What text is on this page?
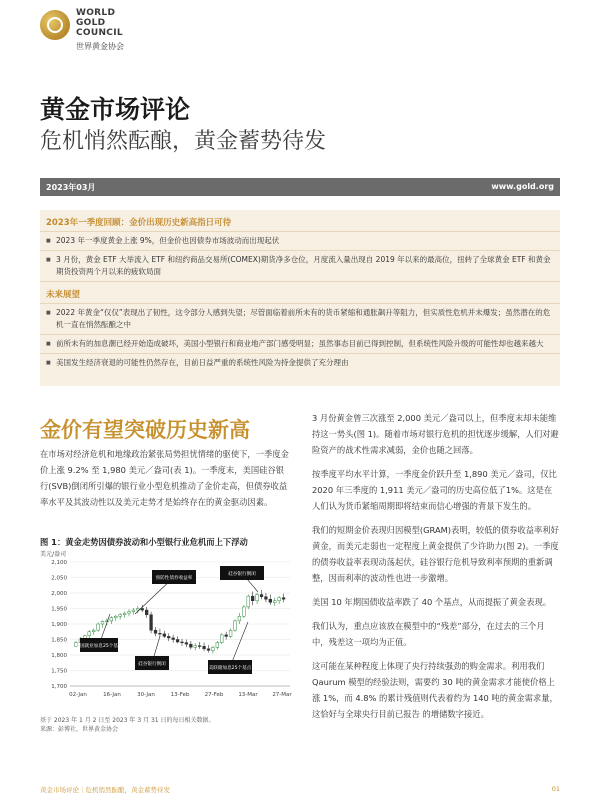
WORLD
GOLD
COUNCIL
世界黄金协会
黄金市场评论
危机悄然酝酿，黄金蓄势待发
2023年03月	www.gold.org
2023年一季度回顾：金价出现历史新高指日可待
■ 2023 年一季度黄金上涨 9%，但金价也因债券市场波动而出现起伏
■ 3 月份，黄金 ETF 大举流入 ETF 和纽约商品交易所(COMEX)期货净多仓位，月度流入量出现自 2019 年以来的最高位，扭转了全球黄金 ETF 和黄金期货投资两个月以来的疲软局面
未来展望
■ 2022 年黄金“仅仅”表现出了韧性，这令部分人感到失望；尽管面临着前所未有的货币紧缩和通胀飙升等阻力，但实质性危机并未爆发；虽然潜在的危机一直在悄然酝酿之中
■ 前所未有的加息潮已经开始造成破坏，美国小型银行和商业地产部门感受明显；虽然事态目前已得到控制，但系统性风险升级的可能性却也越来越大
■ 美国发生经济衰退的可能性仍然存在，目前日益严重的系统性风险为持金提供了充分理由
金价有望突破历史新高
在市场对经济危机和地缘政治紧张局势担忧情绪的驱使下，一季度金价上涨 9.2% 至 1,980 美元／盎司(表 1)。一季度末，美国硅谷银行(SVB)倒闭所引爆的银行业小型危机推动了金价走高，但债券收益率水平及其波动性以及美元走势才是始终存在的黄金驱动因素。
图 1：黄金走势因债券波动和小型银行业危机而上下浮动
美元/盎司
1,700
1,750
1,800
1,850
1,900
1,950
2,000
2,050
2,100
02-Jan	16-Jan	30-Jan	13-Feb	27-Feb	13-Mar	27-Mar
预防性债券收益率
硅谷银行倒闭
美国就业加息25个基点
硅谷银行倒闭
美联储加息25个基点
基于 2023 年 1 月 2 日至 2023 年 3 月 31 日的每日相关数据。
来源：彭博社，世界黄金协会

3 月份黄金曾三次涨至 2,000 美元／盎司以上，但季度末却未能维持这一势头(图 1)。随着市场对银行危机的担忧逐步缓解，人们对避险资产的战术性需求减弱，金价也随之回落。

按季度平均水平计算，一季度金价跃升至 1,890 美元／盎司，仅比 2020 年三季度的 1,911 美元／盎司的历史高位低了1%。这是在人们认为货币紧缩周期即将结束而信心增强的背景下发生的。

我们的短期金价表现归因模型(GRAM)表明，较低的债券收益率利好黄金，而美元走弱也一定程度上黄金提供了少许助力(图 2)。一季度的债券收益率表现动荡起伏，硅谷银行危机导致利率预期的重新调整，因而利率的波动性也进一步激增。

美国 10 年期国债收益率跌了 40 个基点，从而提振了黄金表现。

我们认为，重点应该放在模型中的“残差”部分，在过去的三个月中，残差这一项均为正值。

这可能在某种程度上体现了央行持续强劲的购金需求。利用我们 Qaurum 模型的经验法则，需要约 30 吨的黄金需求才能使价格上涨 1%，而 4.8% 的累计残值则代表着约为 140 吨的黄金需求量，这恰好与全球央行目前已报告 的增储数字接近。

黄金市场评论｜危机悄然酝酿，黄金蓄势待发	01
